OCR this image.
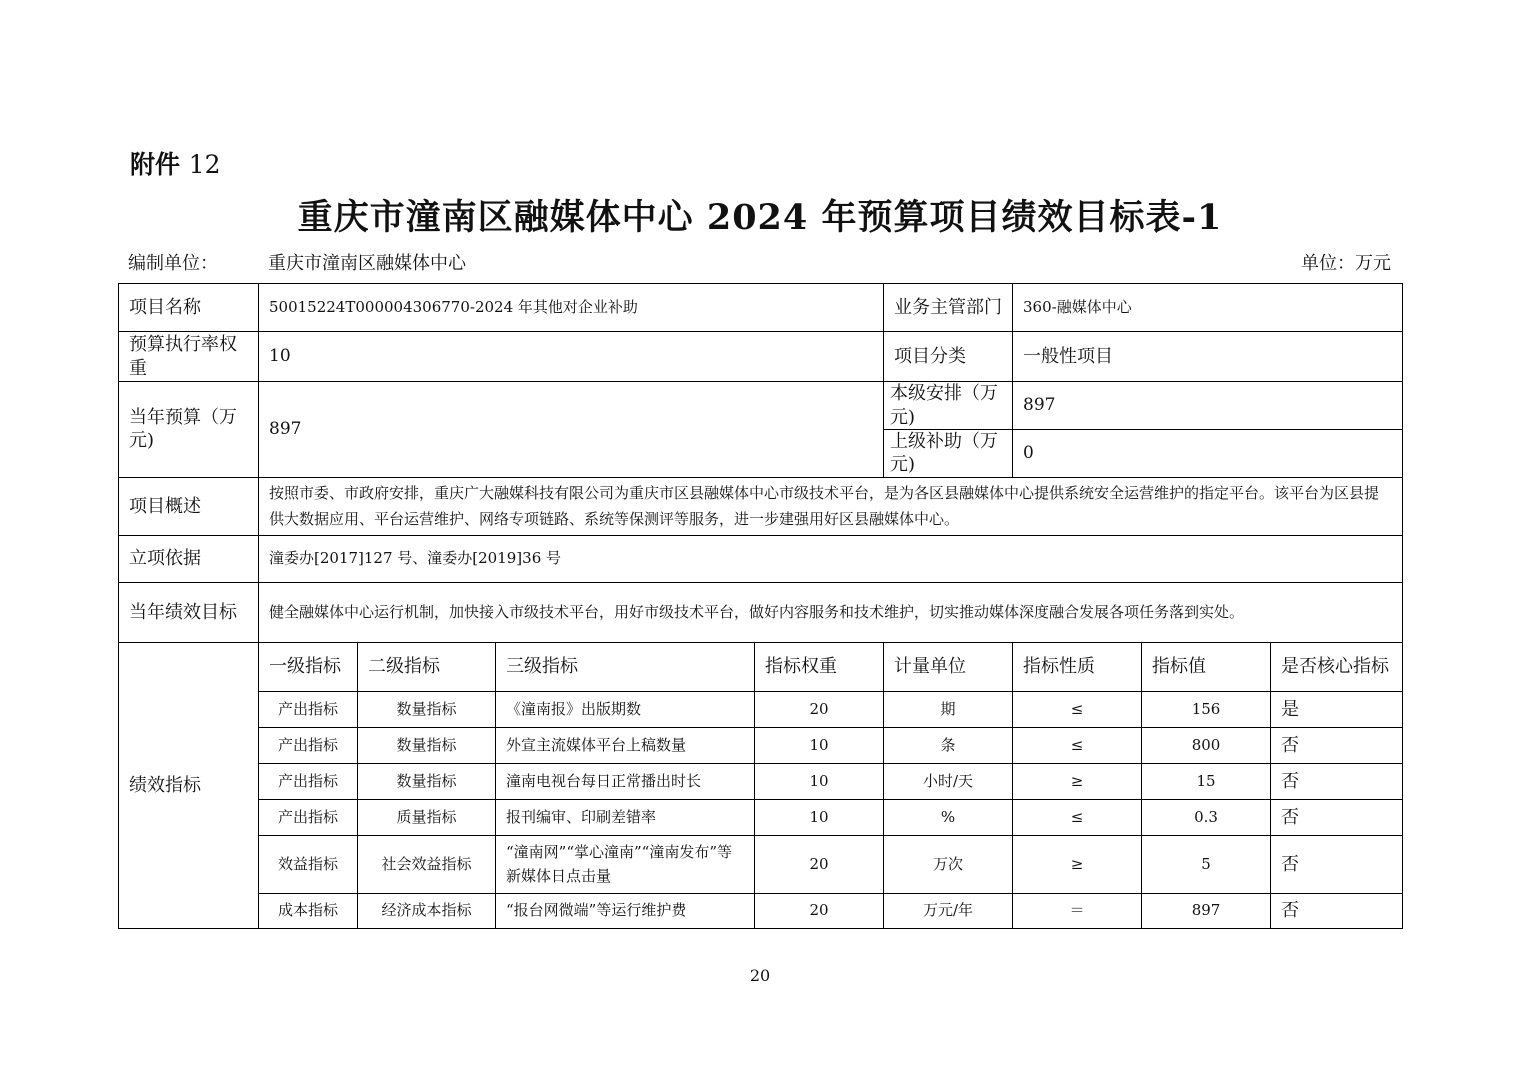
附件 12
重庆市潼南区融媒体中心 2024 年预算项目绩效目标表-1
编制单位：	重庆市潼南区融媒体中心	单位：万元
项目名称	50015224T000004306770-2024 年其他对企业补助				业务主管部门	360-融媒体中心		
预算执行率权重	10				项目分类	一般性项目		
当年预算（万元)	897				本级安排（万元)	897		
					上级补助（万元)	0		
项目概述	按照市委、市政府安排，重庆广大融媒科技有限公司为重庆市区县融媒体中心市级技术平台，是为各区县融媒体中心提供系统安全运营维护的指定平台。该平台为区县提供大数据应用、平台运营维护、网络专项链路、系统等保测评等服务，进一步建强用好区县融媒体中心。							
立项依据	潼委办[2017]127 号、潼委办[2019]36 号							
当年绩效目标	健全融媒体中心运行机制，加快接入市级技术平台，用好市级技术平台，做好内容服务和技术维护，切实推动媒体深度融合发展各项任务落到实处。							
绩效指标	一级指标	二级指标	三级指标	指标权重	计量单位	指标性质	指标值	是否核心指标
	产出指标	数量指标	《潼南报》出版期数	20	期	≤	156	是
	产出指标	数量指标	外宣主流媒体平台上稿数量	10	条	≤	800	否
	产出指标	数量指标	潼南电视台每日正常播出时长	10	小时/天	≥	15	否
	产出指标	质量指标	报刊编审、印刷差错率	10	%	≤	0.3	否
	效益指标	社会效益指标	“潼南网”“掌心潼南”“潼南发布”等新媒体日点击量	20	万次	≥	5	否
	成本指标	经济成本指标	“报台网微端”等运行维护费	20	万元/年	＝	897	否
20
